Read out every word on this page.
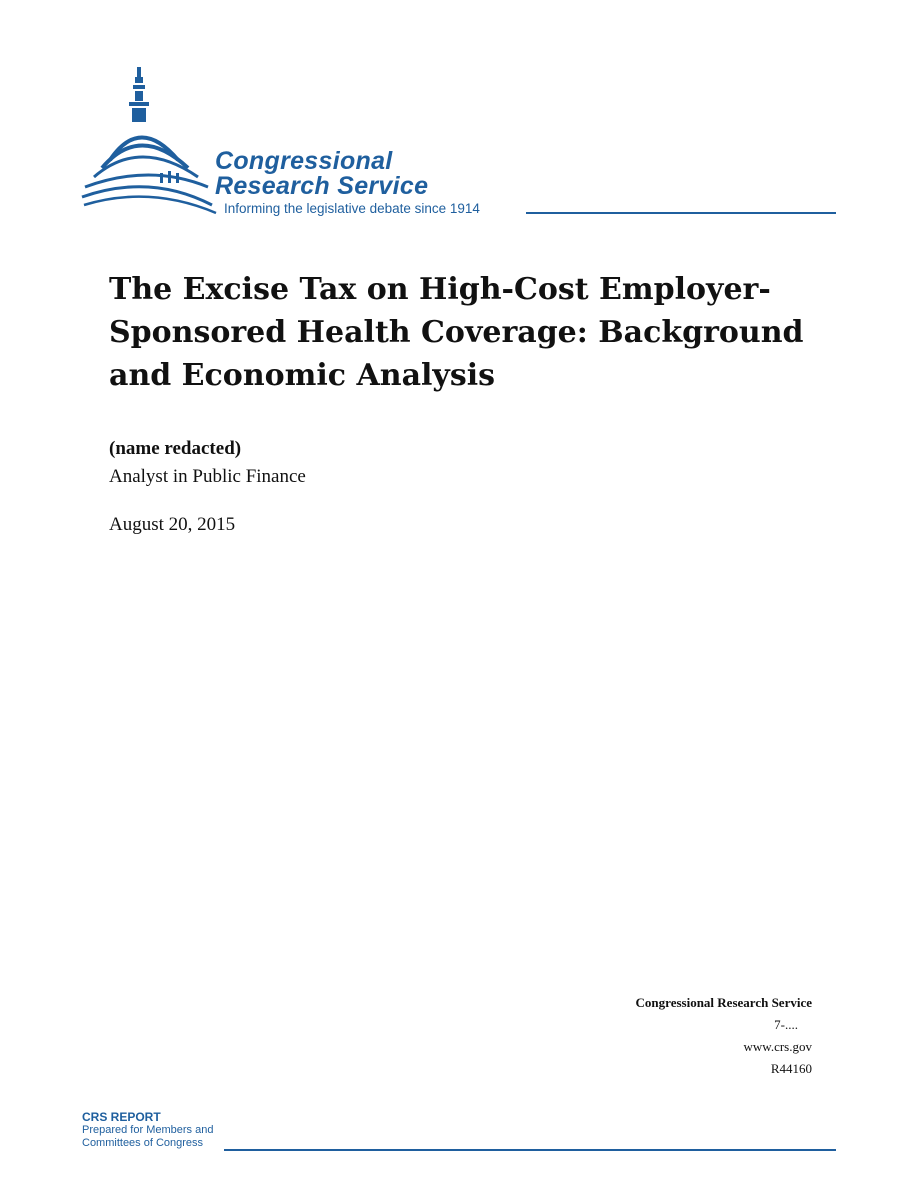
Congressional
Research Service
Informing the legislative debate since 1914
The Excise Tax on High-Cost Employer-Sponsored Health Coverage: Background and Economic Analysis
(name redacted)
Analyst in Public Finance
August 20, 2015
Congressional Research Service
7-....
www.crs.gov
R44160
CRS REPORT
Prepared for Members and
Committees of Congress
